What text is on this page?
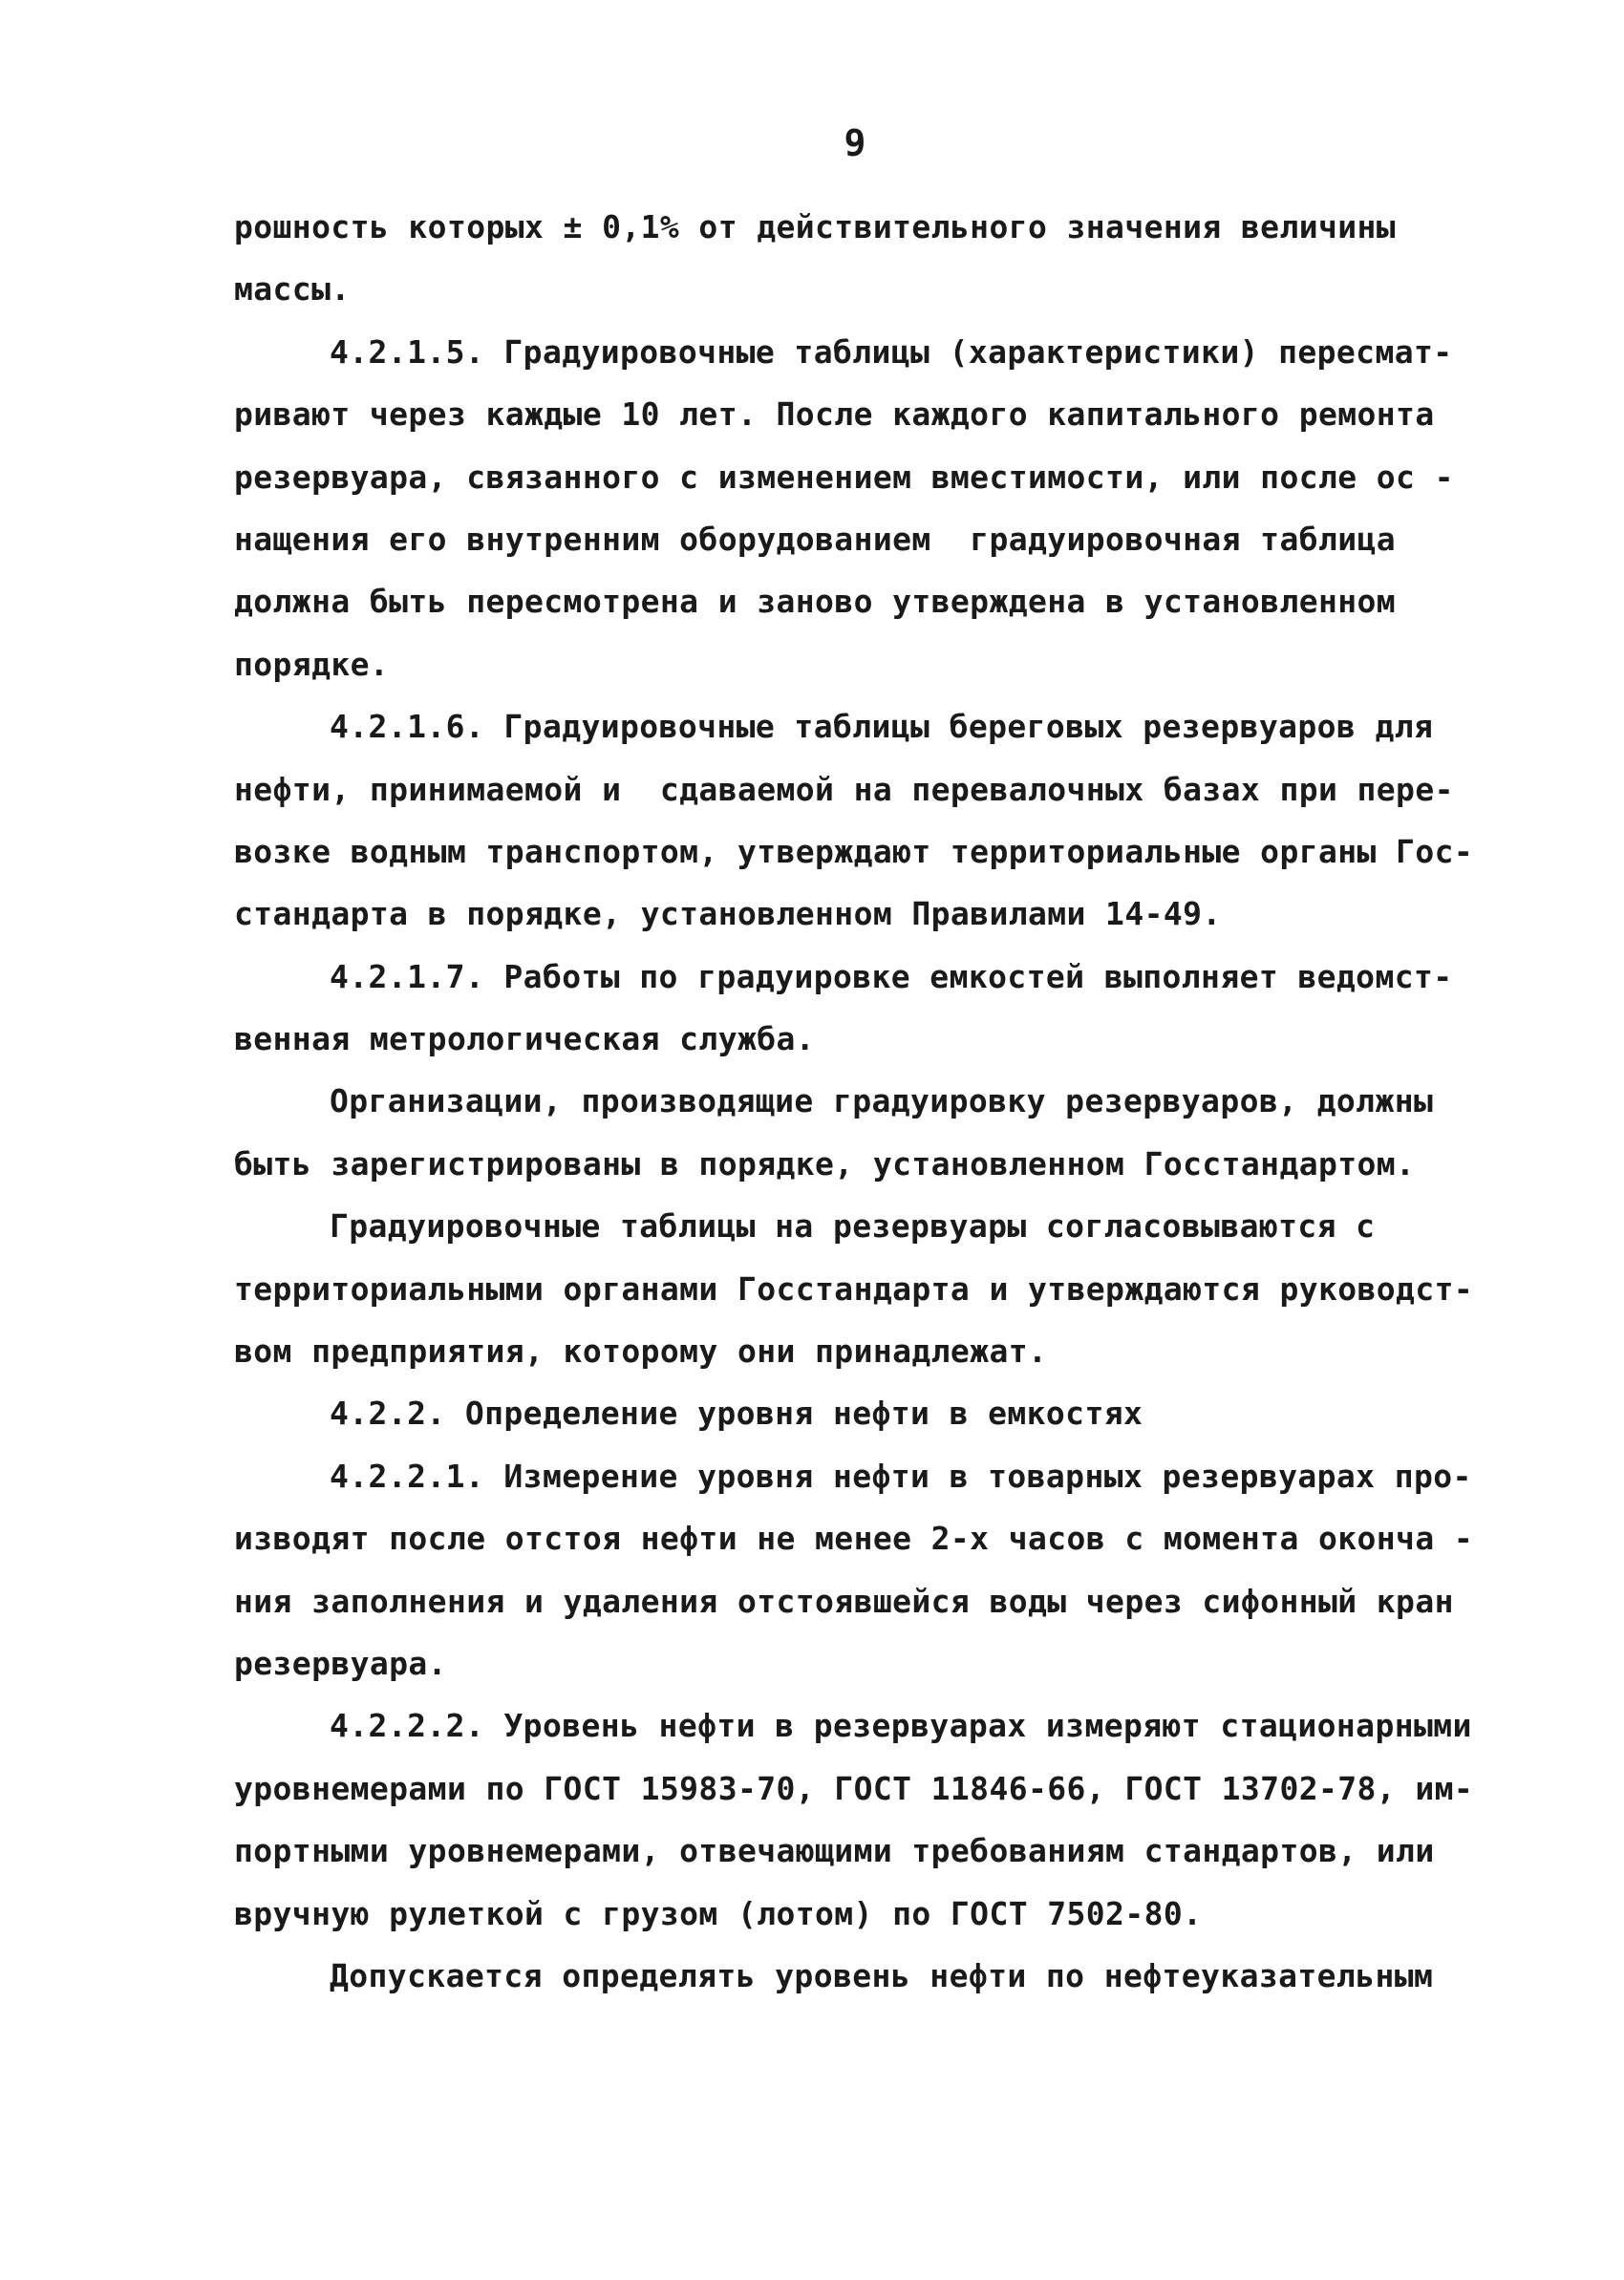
9
рошность которых ± 0,1% от действительного значения величины
массы.
4.2.1.5. Градуировочные таблицы (характеристики) пересмат-
ривают через каждые 10 лет. После каждого капитального ремонта
резервуара, связанного с изменением вместимости, или после ос -
нащения его внутренним оборудованием  градуировочная таблица
должна быть пересмотрена и заново утверждена в установленном
порядке.
4.2.1.6. Градуировочные таблицы береговых резервуаров для
нефти, принимаемой и  сдаваемой на перевалочных базах при пере-
возке водным транспортом, утверждают территориальные органы Гос-
стандарта в порядке, установленном Правилами 14-49.
4.2.1.7. Работы по градуировке емкостей выполняет ведомст-
венная метрологическая служба.
Организации, производящие градуировку резервуаров, должны
быть зарегистрированы в порядке, установленном Госстандартом.
Градуировочные таблицы на резервуары согласовываются с
территориальными органами Госстандарта и утверждаются руководст-
вом предприятия, которому они принадлежат.
4.2.2. Определение уровня нефти в емкостях
4.2.2.1. Измерение уровня нефти в товарных резервуарах про-
изводят после отстоя нефти не менее 2-х часов с момента оконча -
ния заполнения и удаления отстоявшейся воды через сифонный кран
резервуара.
4.2.2.2. Уровень нефти в резервуарах измеряют стационарными
уровнемерами по ГОСТ 15983-70, ГОСТ 11846-66, ГОСТ 13702-78, им-
портными уровнемерами, отвечающими требованиям стандартов, или
вручную рулеткой с грузом (лотом) по ГОСТ 7502-80.
Допускается определять уровень нефти по нефтеуказательным
